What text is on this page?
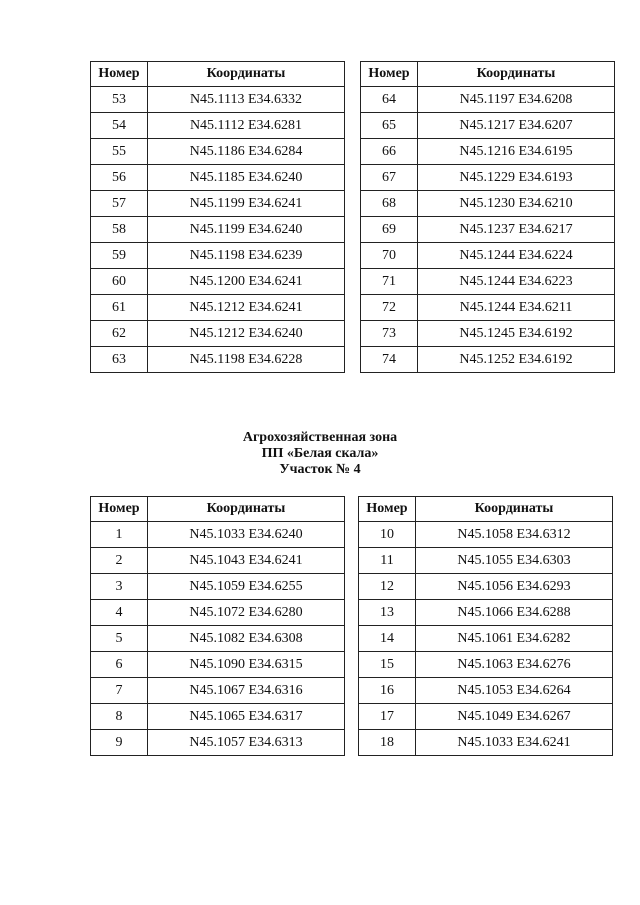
Номер	Координаты
53	N45.1113 E34.6332
54	N45.1112 E34.6281
55	N45.1186 E34.6284
56	N45.1185 E34.6240
57	N45.1199 E34.6241
58	N45.1199 E34.6240
59	N45.1198 E34.6239
60	N45.1200 E34.6241
61	N45.1212 E34.6241
62	N45.1212 E34.6240
63	N45.1198 E34.6228
Номер	Координаты
64	N45.1197 E34.6208
65	N45.1217 E34.6207
66	N45.1216 E34.6195
67	N45.1229 E34.6193
68	N45.1230 E34.6210
69	N45.1237 E34.6217
70	N45.1244 E34.6224
71	N45.1244 E34.6223
72	N45.1244 E34.6211
73	N45.1245 E34.6192
74	N45.1252 E34.6192
Агрохозяйственная зона
ПП «Белая скала»
Участок № 4
Номер	Координаты
1	N45.1033 E34.6240
2	N45.1043 E34.6241
3	N45.1059 E34.6255
4	N45.1072 E34.6280
5	N45.1082 E34.6308
6	N45.1090 E34.6315
7	N45.1067 E34.6316
8	N45.1065 E34.6317
9	N45.1057 E34.6313
Номер	Координаты
10	N45.1058 E34.6312
11	N45.1055 E34.6303
12	N45.1056 E34.6293
13	N45.1066 E34.6288
14	N45.1061 E34.6282
15	N45.1063 E34.6276
16	N45.1053 E34.6264
17	N45.1049 E34.6267
18	N45.1033 E34.6241
